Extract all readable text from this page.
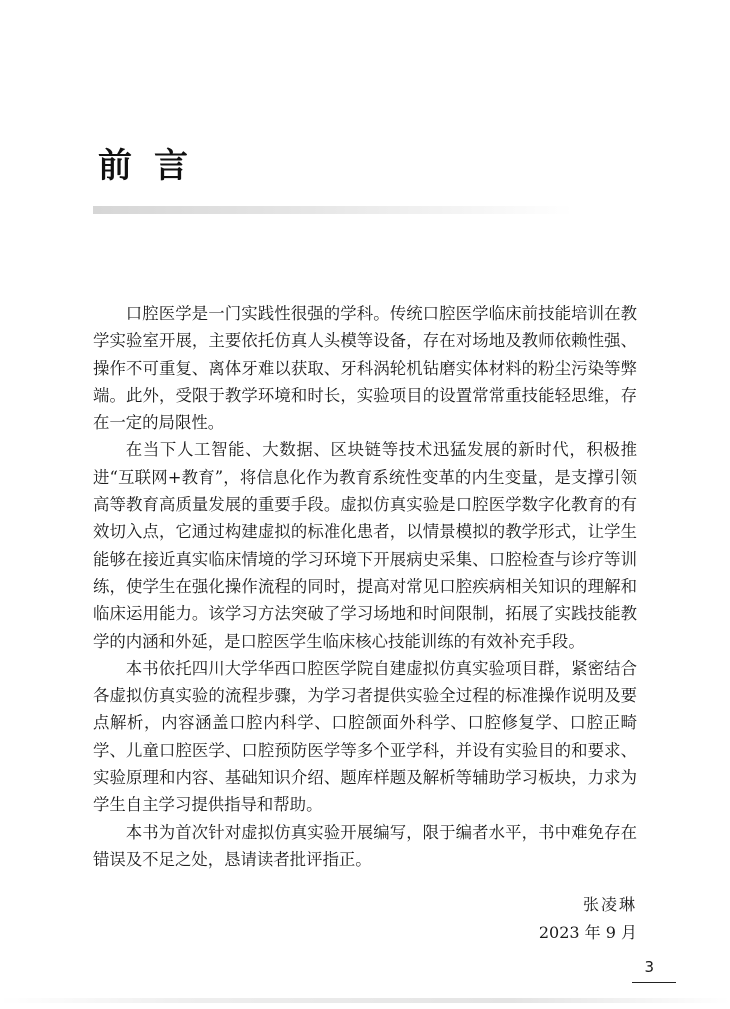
前言

口腔医学是一门实践性很强的学科。传统口腔医学临床前技能培训在教学实验室开展，主要依托仿真人头模等设备，存在对场地及教师依赖性强、操作不可重复、离体牙难以获取、牙科涡轮机钻磨实体材料的粉尘污染等弊端。此外，受限于教学环境和时长，实验项目的设置常常重技能轻思维，存在一定的局限性。

在当下人工智能、大数据、区块链等技术迅猛发展的新时代，积极推进“互联网+教育”，将信息化作为教育系统性变革的内生变量，是支撑引领高等教育高质量发展的重要手段。虚拟仿真实验是口腔医学数字化教育的有效切入点，它通过构建虚拟的标准化患者，以情景模拟的教学形式，让学生能够在接近真实临床情境的学习环境下开展病史采集、口腔检查与诊疗等训练，使学生在强化操作流程的同时，提高对常见口腔疾病相关知识的理解和临床运用能力。该学习方法突破了学习场地和时间限制，拓展了实践技能教学的内涵和外延，是口腔医学生临床核心技能训练的有效补充手段。

本书依托四川大学华西口腔医学院自建虚拟仿真实验项目群，紧密结合各虚拟仿真实验的流程步骤，为学习者提供实验全过程的标准操作说明及要点解析，内容涵盖口腔内科学、口腔颌面外科学、口腔修复学、口腔正畸学、儿童口腔医学、口腔预防医学等多个亚学科，并设有实验目的和要求、实验原理和内容、基础知识介绍、题库样题及解析等辅助学习板块，力求为学生自主学习提供指导和帮助。

本书为首次针对虚拟仿真实验开展编写，限于编者水平，书中难免存在错误及不足之处，恳请读者批评指正。

张凌琳
2023 年 9 月
3
